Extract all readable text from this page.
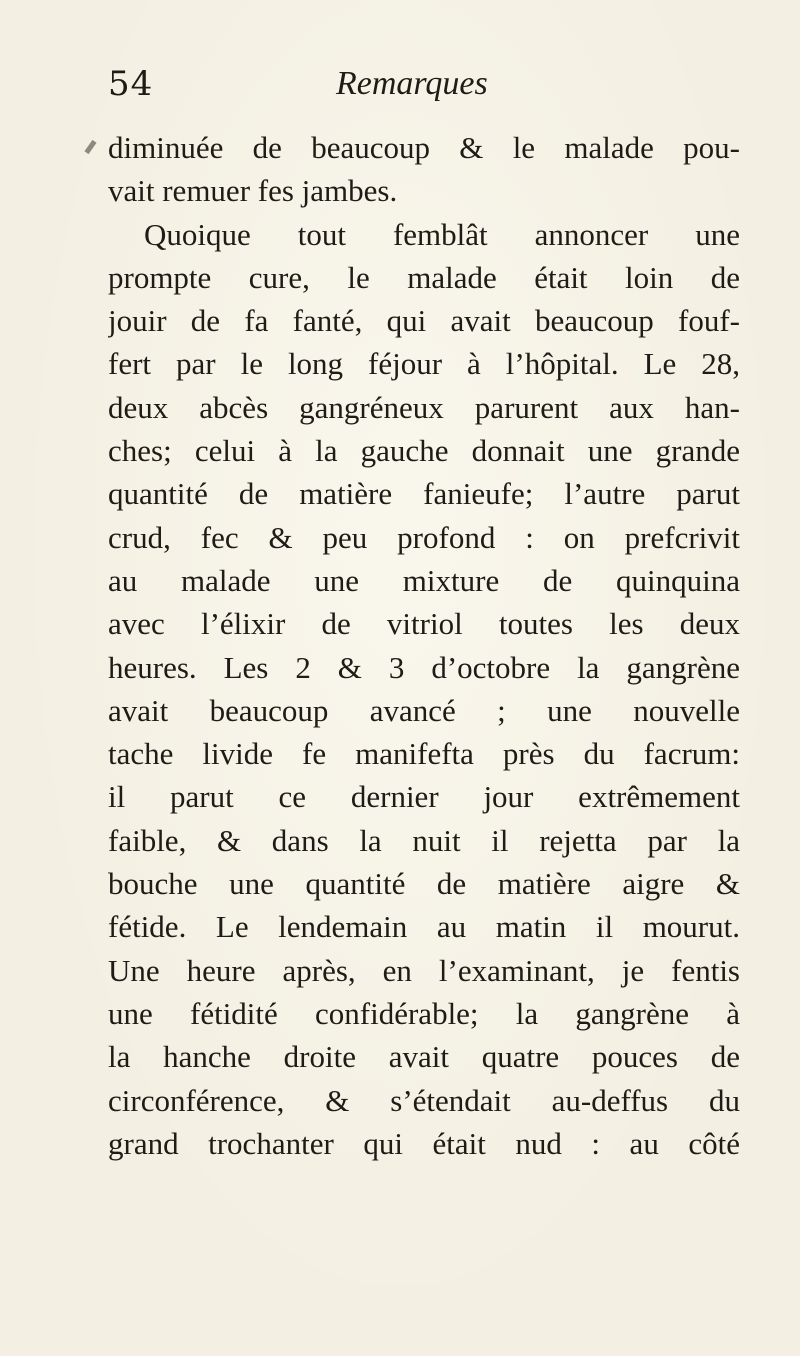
54	Remarques
diminuée de beaucoup & le malade pou-
vait remuer fes jambes.
Quoique tout femblât annoncer une
prompte cure, le malade était loin de
jouir de fa fanté, qui avait beaucoup fouf-
fert par le long féjour à l’hôpital. Le 28,
deux abcès gangréneux parurent aux han-
ches; celui à la gauche donnait une grande
quantité de matière fanieufe; l’autre parut
crud, fec & peu profond : on prefcrivit
au malade une mixture de quinquina
avec l’élixir de vitriol toutes les deux
heures. Les 2 & 3 d’octobre la gangrène
avait beaucoup avancé ; une nouvelle
tache livide fe manifefta près du facrum:
il parut ce dernier jour extrêmement
faible, & dans la nuit il rejetta par la
bouche une quantité de matière aigre &
fétide. Le lendemain au matin il mourut.
Une heure après, en l’examinant, je fentis
une fétidité confidérable; la gangrène à
la hanche droite avait quatre pouces de
circonférence, & s’étendait au-deffus du
grand trochanter qui était nud : au côté
